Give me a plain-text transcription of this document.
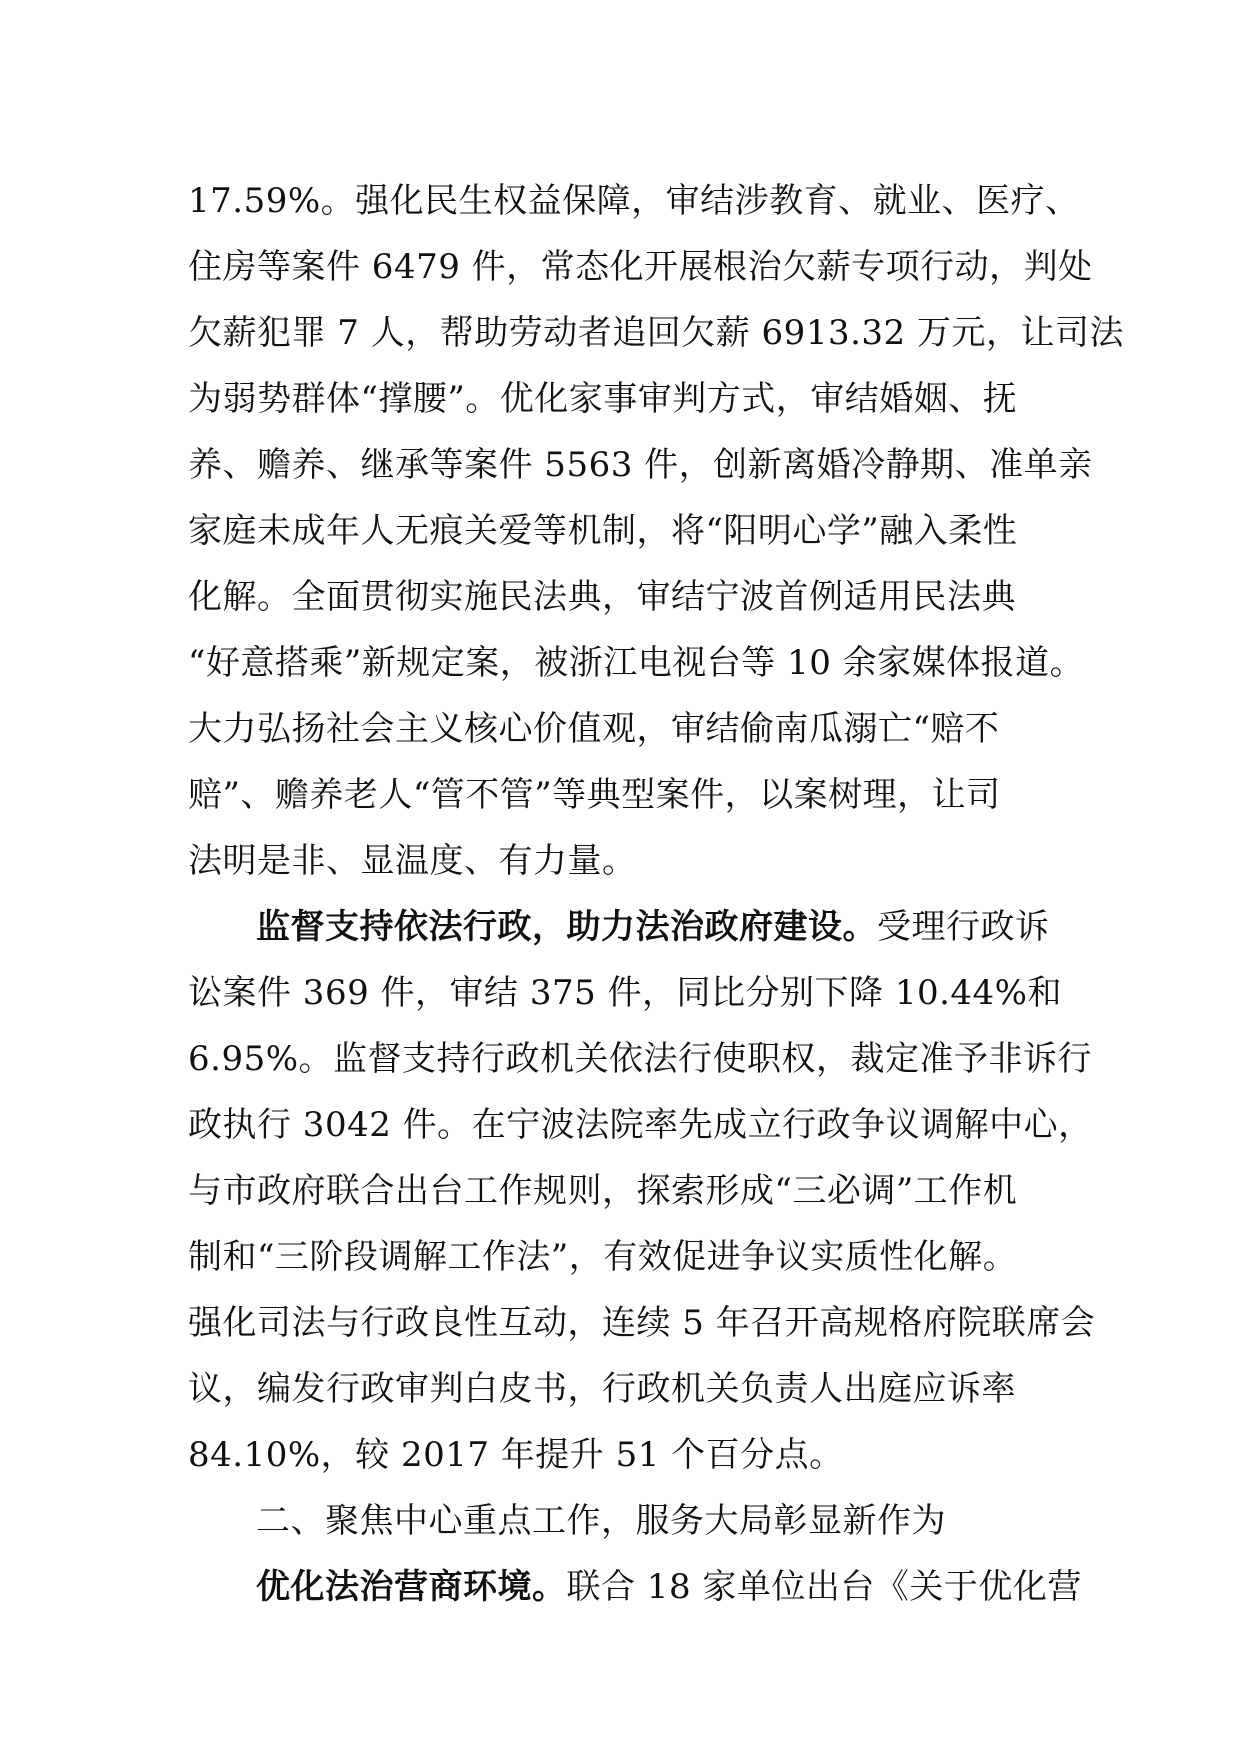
17.59%。强化民生权益保障，审结涉教育、就业、医疗、
住房等案件 6479 件，常态化开展根治欠薪专项行动，判处
欠薪犯罪 7 人，帮助劳动者追回欠薪 6913.32 万元，让司法
为弱势群体“撑腰”。优化家事审判方式，审结婚姻、抚
养、赡养、继承等案件 5563 件，创新离婚冷静期、准单亲
家庭未成年人无痕关爱等机制，将“阳明心学”融入柔性
化解。全面贯彻实施民法典，审结宁波首例适用民法典
“好意搭乘”新规定案，被浙江电视台等 10 余家媒体报道。
大力弘扬社会主义核心价值观，审结偷南瓜溺亡“赔不
赔”、赡养老人“管不管”等典型案件，以案树理，让司
法明是非、显温度、有力量。
监督支持依法行政，助力法治政府建设。受理行政诉
讼案件 369 件，审结 375 件，同比分别下降 10.44%和
6.95%。监督支持行政机关依法行使职权，裁定准予非诉行
政执行 3042 件。在宁波法院率先成立行政争议调解中心，
与市政府联合出台工作规则，探索形成“三必调”工作机
制和“三阶段调解工作法”，有效促进争议实质性化解。
强化司法与行政良性互动，连续 5 年召开高规格府院联席会
议，编发行政审判白皮书，行政机关负责人出庭应诉率
84.10%，较 2017 年提升 51 个百分点。
二、聚焦中心重点工作，服务大局彰显新作为
优化法治营商环境。联合 18 家单位出台《关于优化营
